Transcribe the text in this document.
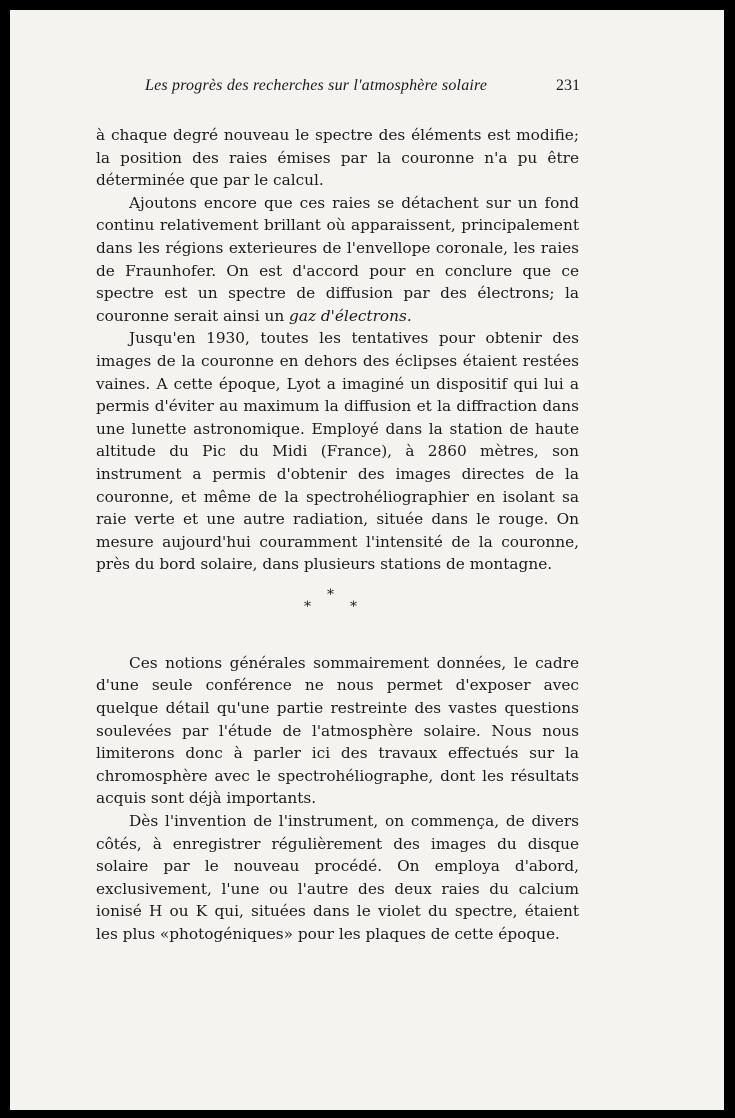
Les progrès des recherches sur l'atmosphère solaire	231

à chaque degré nouveau le spectre des éléments est modifie; la position des raies émises par la couronne n'a pu être déterminée que par le calcul.

Ajoutons encore que ces raies se détachent sur un fond continu relativement brillant où apparaissent, principalement dans les régions exterieures de l'envellope coronale, les raies de Fraunhofer. On est d'accord pour en conclure que ce spectre est un spectre de diffusion par des électrons; la couronne serait ainsi un gaz d'électrons.

Jusqu'en 1930, toutes les tentatives pour obtenir des images de la couronne en dehors des éclipses étaient restées vaines. A cette époque, Lyot a imaginé un dispositif qui lui a permis d'éviter au maximum la diffusion et la diffraction dans une lunette astronomique. Employé dans la station de haute altitude du Pic du Midi (France), à 2860 mètres, son instrument a permis d'obtenir des images directes de la couronne, et même de la spectrohéliographier en isolant sa raie verte et une autre radiation, située dans le rouge. On mesure aujourd'hui couramment l'intensité de la couronne, près du bord solaire, dans plusieurs stations de montagne.

*
*	*

Ces notions générales sommairement données, le cadre d'une seule conférence ne nous permet d'exposer avec quelque détail qu'une partie restreinte des vastes questions soulevées par l'étude de l'atmosphère solaire. Nous nous limiterons donc à parler ici des travaux effectués sur la chromosphère avec le spectrohéliographe, dont les résultats acquis sont déjà importants.

Dès l'invention de l'instrument, on commença, de divers côtés, à enregistrer régulièrement des images du disque solaire par le nouveau procédé. On employa d'abord, exclusivement, l'une ou l'autre des deux raies du calcium ionisé H ou K qui, situées dans le violet du spectre, étaient les plus «photogéniques» pour les plaques de cette époque.
